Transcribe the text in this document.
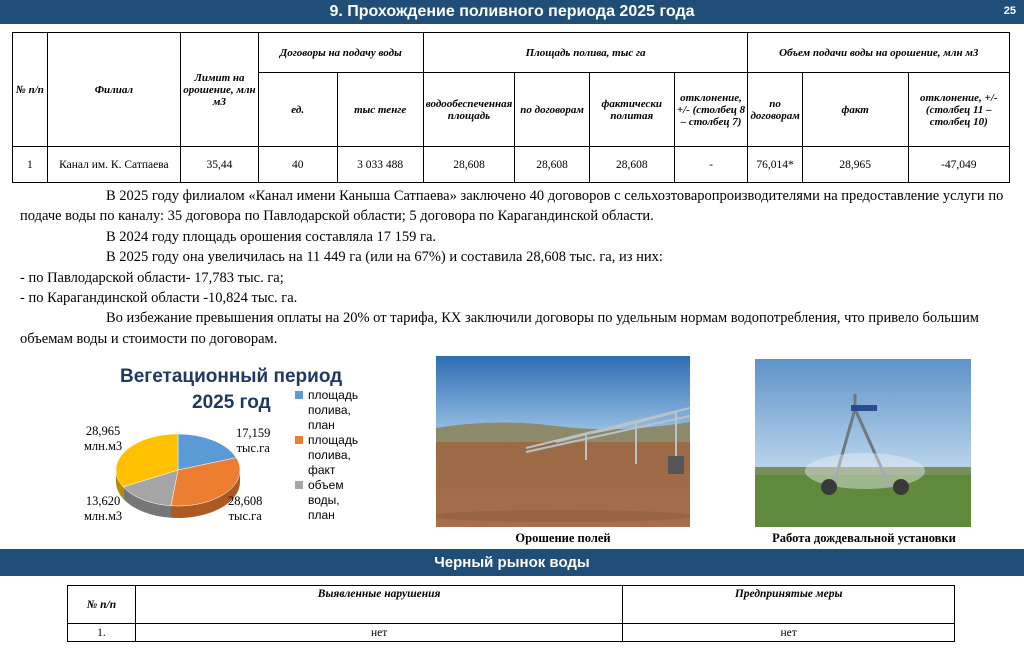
9. Прохождение поливного периода 2025 года	25
№ п/п	Филиал	Лимит на орошение, млн м3	Договоры на подачу воды		Площадь полива, тыс га				Объем подачи воды на орошение, млн м3		
			ед.	тыс тенге	водообеспеченная площадь	по договорам	фактически политая	отклонение, +/- (столбец 8 – столбец 7)	по договорам	факт	отклонение, +/- (столбец 11 – столбец 10)
1	Канал им. К. Сатпаева	35,44	40	3 033 488	28,608	28,608	28,608	-	76,014*	28,965	-47,049

В 2025 году филиалом «Канал имени Каныша Сатпаева» заключено 40 договоров с сельхозтоваропроизводителями на предоставление услуги по подаче воды по каналу: 35 договора по Павлодарской области; 5 договора по Карагандинской области.

В 2024 году площадь орошения составляла 17 159 га.

В 2025 году она увеличилась на 11 449 га (или на 67%) и составила 28,608 тыс. га, из них:

- по Павлодарской области- 17,783 тыс. га;

- по Карагандинской области -10,824 тыс. га.

Во избежание превышения оплаты на 20% от тарифа, КХ заключили договоры по удельным нормам водопотребления, что привело большим объемам воды и стоимости по договорам.

Вегетационный период
2025 год
17,159
тыс.га
28,608
тыс.га
13,620
млн.м3
28,965
млн.м3
площадь полива, план
площадь полива, факт
объем воды, план
Орошение полей	Работа дождевальной установки
Черный рынок воды
№ п/п	Выявленные нарушения	Предпринятые меры
1.	нет	нет
